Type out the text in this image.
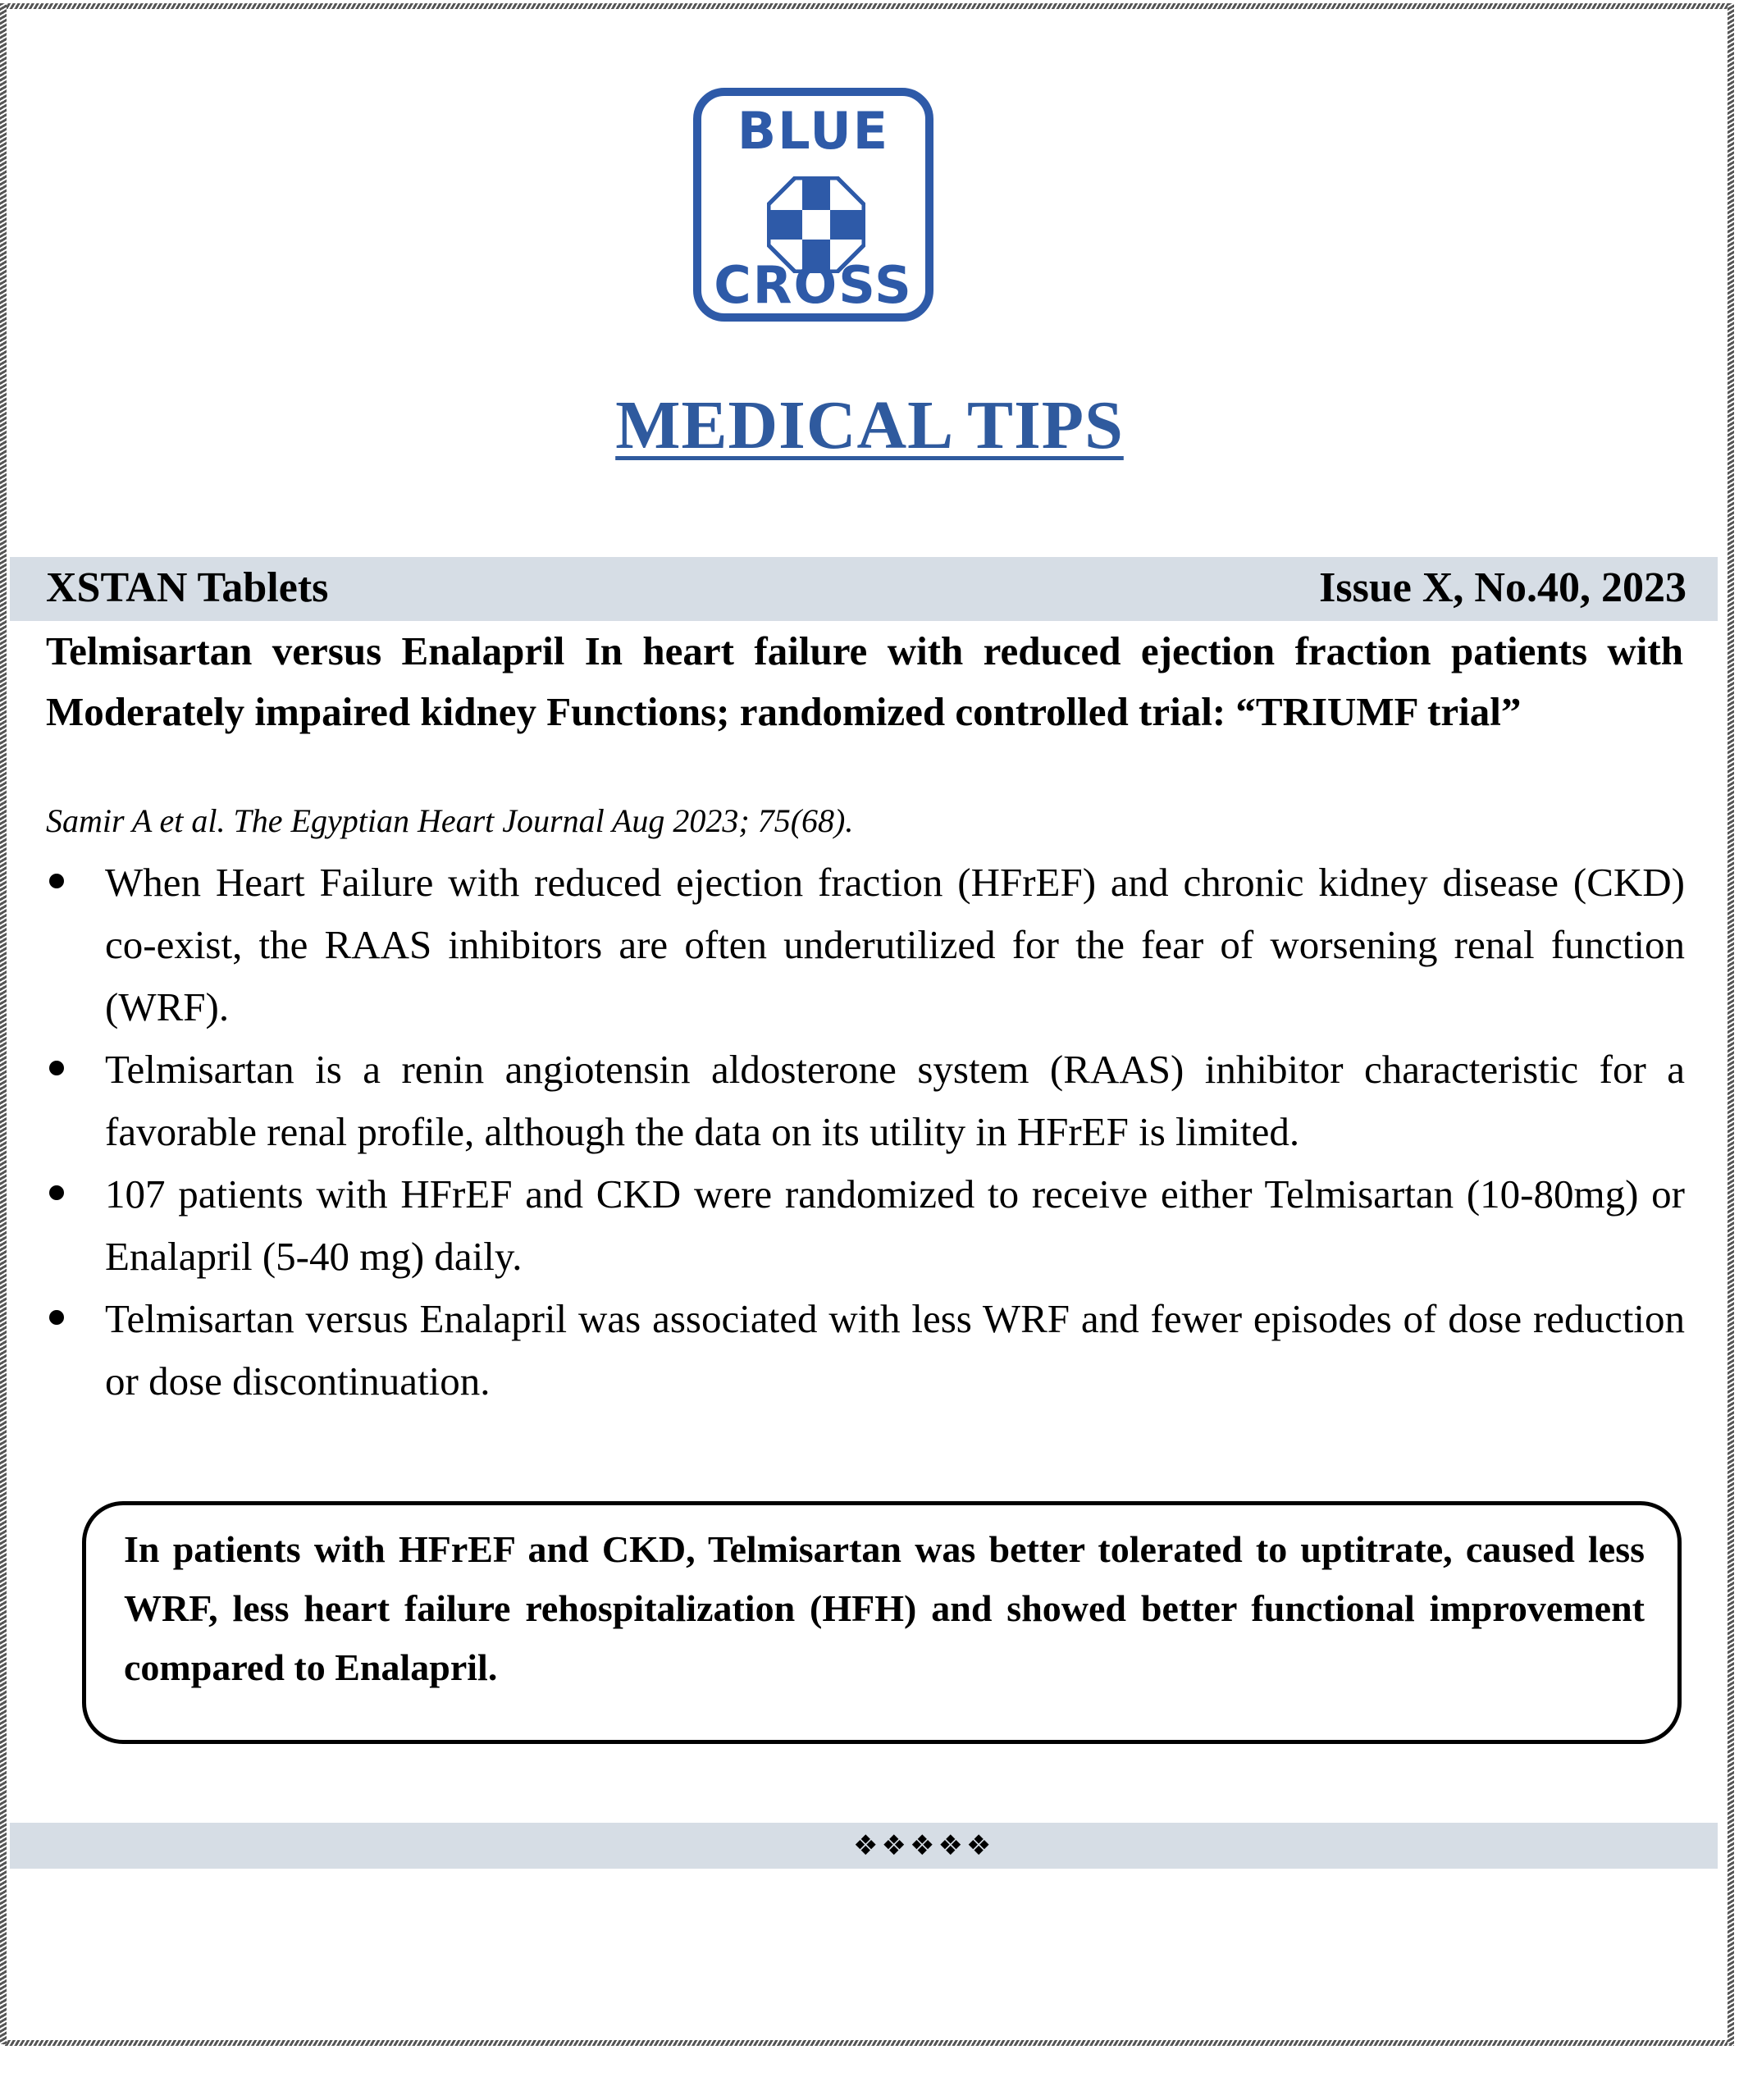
BLUE
CROSS
MEDICAL TIPS
XSTAN Tablets	Issue X, No.40, 2023
Telmisartan versus Enalapril In heart failure with reduced ejection fraction patients with Moderately impaired kidney Functions; randomized controlled trial: “TRIUMF trial”
Samir A et al. The Egyptian Heart Journal Aug 2023; 75(68).
When Heart Failure with reduced ejection fraction (HFrEF) and chronic kidney disease (CKD) co-exist, the RAAS inhibitors are often underutilized for the fear of worsening renal function (WRF).
Telmisartan is a renin angiotensin aldosterone system (RAAS) inhibitor characteristic for a favorable renal profile, although the data on its utility in HFrEF is limited.
107 patients with HFrEF and CKD were randomized to receive either Telmisartan (10-80mg) or Enalapril (5-40 mg) daily.
Telmisartan versus Enalapril was associated with less WRF and fewer episodes of dose reduction or dose discontinuation.

In patients with HFrEF and CKD, Telmisartan was better tolerated to uptitrate, caused less WRF, less heart failure rehospitalization (HFH) and showed better functional improvement compared to Enalapril.

❖❖❖❖❖
